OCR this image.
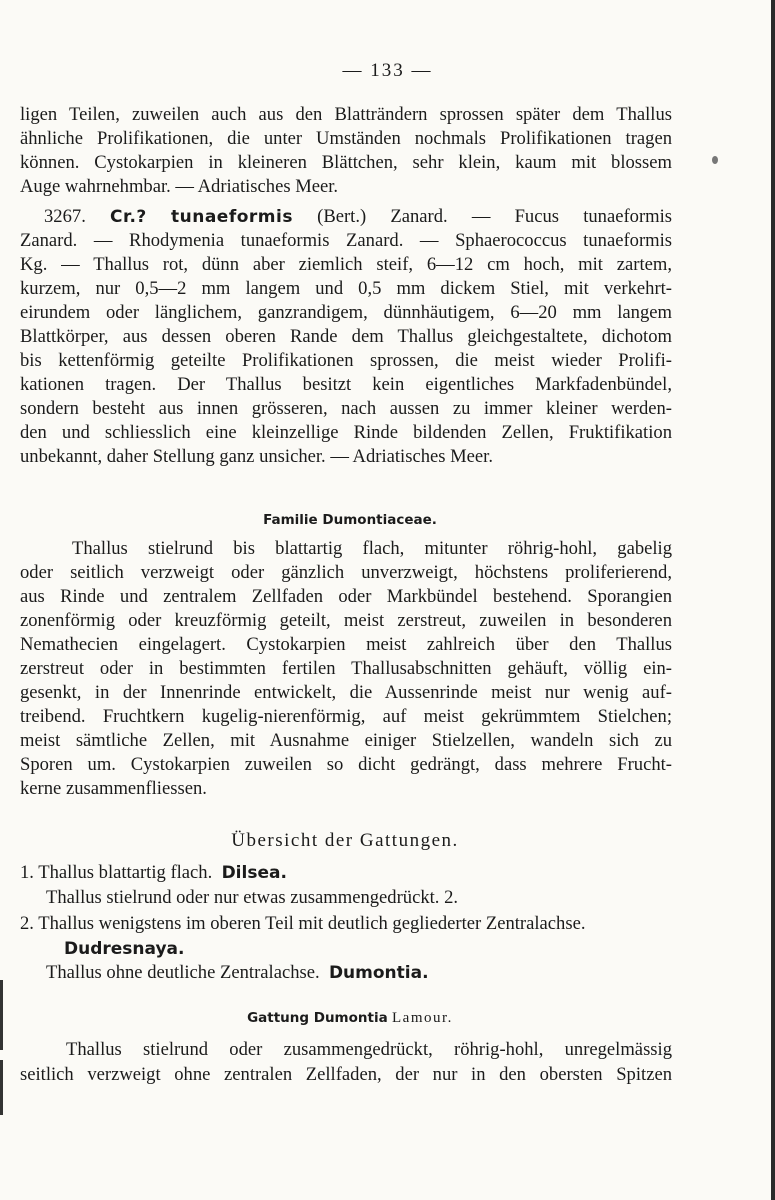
— 133 —
ligen Teilen, zuweilen auch aus den Blatträndern sprossen später dem Thallus
ähnliche Prolifikationen, die unter Umständen nochmals Prolifikationen tragen
können. Cystokarpien in kleineren Blättchen, sehr klein, kaum mit blossem
Auge wahrnehmbar. — Adriatisches Meer.
3267. Cr.? tunaeformis (Bert.) Zanard. — Fucus tunaeformis
Zanard. — Rhodymenia tunaeformis Zanard. — Sphaerococcus tunaeformis
Kg. — Thallus rot, dünn aber ziemlich steif, 6—12 cm hoch, mit zartem,
kurzem, nur 0,5—2 mm langem und 0,5 mm dickem Stiel, mit verkehrt-
eirundem oder länglichem, ganzrandigem, dünnhäutigem, 6—20 mm langem
Blattkörper, aus dessen oberen Rande dem Thallus gleichgestaltete, dichotom
bis kettenförmig geteilte Prolifikationen sprossen, die meist wieder Prolifi-
kationen tragen. Der Thallus besitzt kein eigentliches Markfadenbündel,
sondern besteht aus innen grösseren, nach aussen zu immer kleiner werden-
den und schliesslich eine kleinzellige Rinde bildenden Zellen, Fruktifikation
unbekannt, daher Stellung ganz unsicher. — Adriatisches Meer.
Familie Dumontiaceae.
Thallus stielrund bis blattartig flach, mitunter röhrig-hohl, gabelig
oder seitlich verzweigt oder gänzlich unverzweigt, höchstens proliferierend,
aus Rinde und zentralem Zellfaden oder Markbündel bestehend. Sporangien
zonenförmig oder kreuzförmig geteilt, meist zerstreut, zuweilen in besonderen
Nemathecien eingelagert. Cystokarpien meist zahlreich über den Thallus
zerstreut oder in bestimmten fertilen Thallusabschnitten gehäuft, völlig ein-
gesenkt, in der Innenrinde entwickelt, die Aussenrinde meist nur wenig auf-
treibend. Fruchtkern kugelig-nierenförmig, auf meist gekrümmtem Stielchen;
meist sämtliche Zellen, mit Ausnahme einiger Stielzellen, wandeln sich zu
Sporen um. Cystokarpien zuweilen so dicht gedrängt, dass mehrere Frucht-
kerne zusammenfliessen.
Übersicht der Gattungen.
1. Thallus blattartig flach. Dilsea.
Thallus stielrund oder nur etwas zusammengedrückt. 2.
2. Thallus wenigstens im oberen Teil mit deutlich gegliederter Zentralachse.
Dudresnaya.
Thallus ohne deutliche Zentralachse. Dumontia.
Gattung Dumontia Lamour.
Thallus stielrund oder zusammengedrückt, röhrig-hohl, unregelmässig
seitlich verzweigt ohne zentralen Zellfaden, der nur in den obersten Spitzen
